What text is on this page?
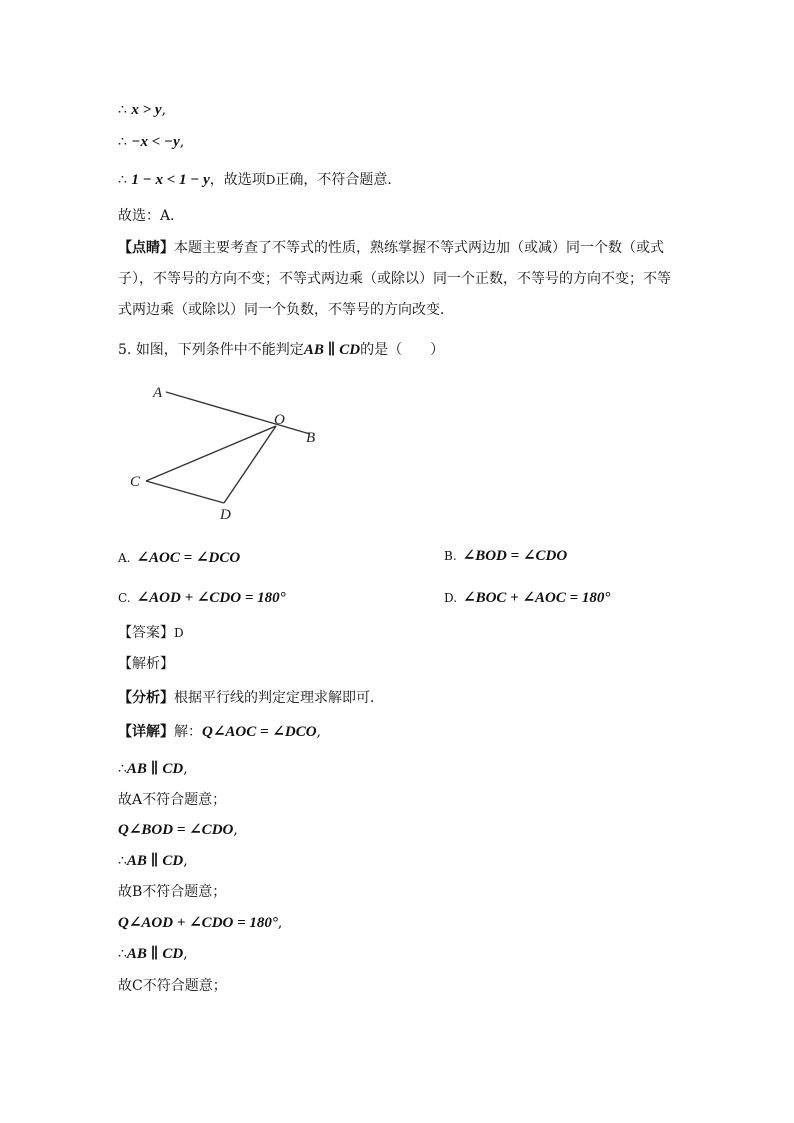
∴ x > y,
∴ −x < −y,
∴ 1 − x < 1 − y，故选项D正确，不符合题意．
故选：A．
【点睛】本题主要考查了不等式的性质，熟练掌握不等式两边加（或减）同一个数（或式
子），不等号的方向不变；不等式两边乘（或除以）同一个正数，不等号的方向不变；不等
式两边乘（或除以）同一个负数，不等号的方向改变．
5. 如图，下列条件中不能判定AB ∥ CD的是（　　）
A
O
B
C
D
A. ∠AOC = ∠DCO	B. ∠BOD = ∠CDO
C. ∠AOD + ∠CDO = 180°	D. ∠BOC + ∠AOC = 180°
【答案】D
【解析】
【分析】根据平行线的判定定理求解即可．
【详解】解：Q∠AOC = ∠DCO,
∴AB ∥ CD,
故A不符合题意；
Q∠BOD = ∠CDO,
∴AB ∥ CD,
故B不符合题意；
Q∠AOD + ∠CDO = 180°,
∴AB ∥ CD,
故C不符合题意；
